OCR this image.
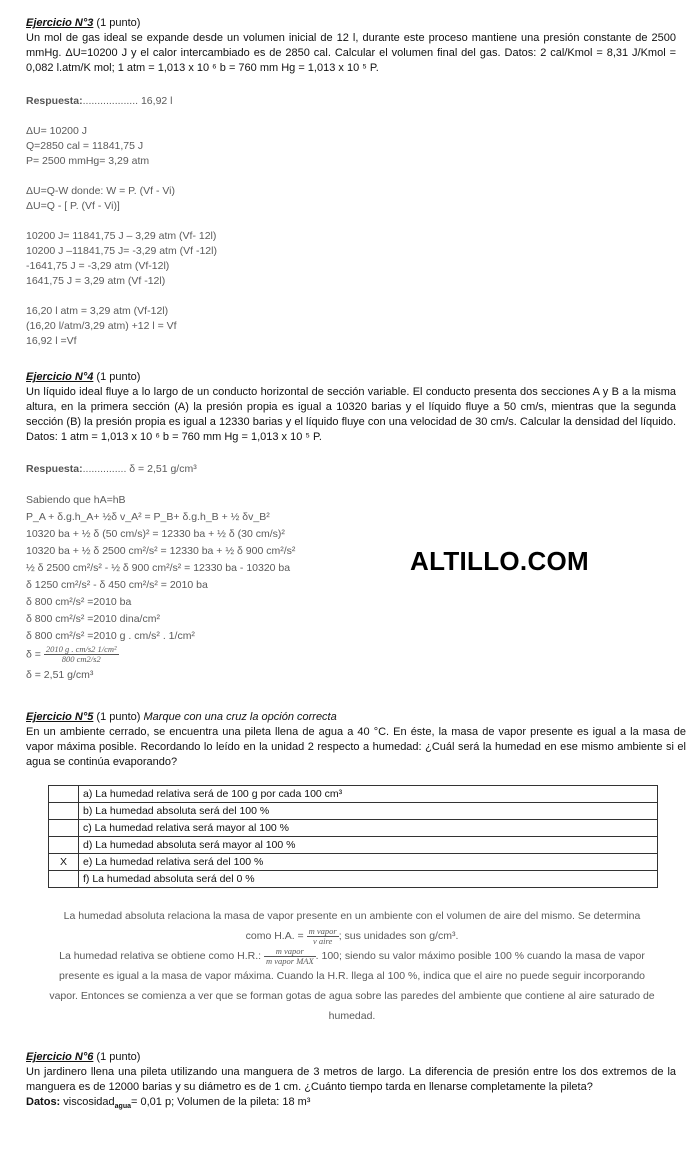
Ejercicio N°3 (1 punto)
Un mol de gas ideal se expande desde un volumen inicial de 12 l, durante este proceso mantiene una presión constante de 2500 mmHg. ΔU=10200 J y el calor intercambiado es de 2850 cal. Calcular el volumen final del gas. Datos: 2 cal/Kmol = 8,31 J/Kmol = 0,082 l.atm/K mol; 1 atm = 1,013 x 10 ⁶ b = 760 mm Hg = 1,013 x 10 ⁵ P.
Respuesta:................... 16,92 l
ΔU= 10200 J
Q=2850 cal = 11841,75 J
P= 2500 mmHg= 3,29 atm

ΔU=Q-W donde: W = P. (Vf - Vi)
ΔU=Q - [ P. (Vf - Vi)]

10200 J= 11841,75 J – 3,29 atm (Vf- 12l)
10200 J –11841,75 J= -3,29 atm (Vf -12l)
-1641,75 J = -3,29 atm (Vf-12l)
1641,75 J = 3,29 atm (Vf -12l)

16,20 l atm = 3,29 atm (Vf-12l)
(16,20 l/atm/3,29 atm) +12 l = Vf
16,92 l =Vf
Ejercicio N°4 (1 punto)
Un líquido ideal fluye a lo largo de un conducto horizontal de sección variable. El conducto presenta dos secciones A y B a la misma altura, en la primera sección (A) la presión propia es igual a 10320 barias y el líquido fluye a 50 cm/s, mientras que la segunda sección (B) la presión propia es igual a 12330 barias y el líquido fluye con una velocidad de 30 cm/s. Calcular la densidad del líquido. Datos: 1 atm = 1,013 x 10 ⁶ b = 760 mm Hg = 1,013 x 10 ⁵ P.
Respuesta:............... δ = 2,51 g/cm³
Sabiendo que hA=hB
P_A + δ.g.h_A+ ½δ v_A² = P_B+ δ.g.h_B + ½ δv_B²
10320 ba + ½ δ (50 cm/s)² = 12330 ba + ½ δ (30 cm/s)²
10320 ba + ½ δ 2500 cm²/s² = 12330 ba + ½ δ 900 cm²/s²
½ δ 2500 cm²/s² - ½ δ 900 cm²/s² = 12330 ba - 10320 ba
δ 1250 cm²/s² - δ 450 cm²/s² = 2010 ba
δ 800 cm²/s² =2010 ba
δ 800 cm²/s² =2010 dina/cm²
δ 800 cm²/s² =2010 g . cm/s² . 1/cm²
$\delta = \frac{\text{2010 g . cm/s2 1/cm²}}{800 cm2/s2}$
δ = 2,51 g/cm³
ALTILLO.COM
Ejercicio N°5 (1 punto) Marque con una cruz la opción correcta
En un ambiente cerrado, se encuentra una pileta llena de agua a 40 °C. En éste, la masa de vapor presente es igual a la masa de vapor máxima posible. Recordando lo leído en la unidad 2 respecto a humedad: ¿Cuál será la humedad en ese mismo ambiente si el agua se continúa evaporando?
	a) La humedad relativa será de 100 g por cada 100 cm³
	b) La humedad absoluta será del 100 %
	c) La humedad relativa será mayor al 100 %
	d) La humedad absoluta será mayor al 100 %
X	e) La humedad relativa será del 100 %
	f) La humedad absoluta será del 0 %
La humedad absoluta relaciona la masa de vapor presente en un ambiente con el volumen de aire del mismo. Se determina
como H.A. = $\frac{\text{m vapor}}{\text{v aire}}$ ; sus unidades son g/cm³.
La humedad relativa se obtiene como H.R.: $\frac{\text{m vapor}}{\text{m vapor MAX}}$ . 100; siendo su valor máximo posible 100 % cuando la masa de vapor
presente es igual a la masa de vapor máxima. Cuando la H.R. llega al 100 %, indica que el aire no puede seguir incorporando
vapor. Entonces se comienza a ver que se forman gotas de agua sobre las paredes del ambiente que contiene al aire saturado de
humedad.
Ejercicio N°6 (1 punto)
Un jardinero llena una pileta utilizando una manguera de 3 metros de largo. La diferencia de presión entre los dos extremos de la manguera es de 12000 barias y su diámetro es de 1 cm. ¿Cuánto tiempo tarda en llenarse completamente la pileta?
Datos: viscosidad$_{agua}$= 0,01 p; Volumen de la pileta: 18 m³
